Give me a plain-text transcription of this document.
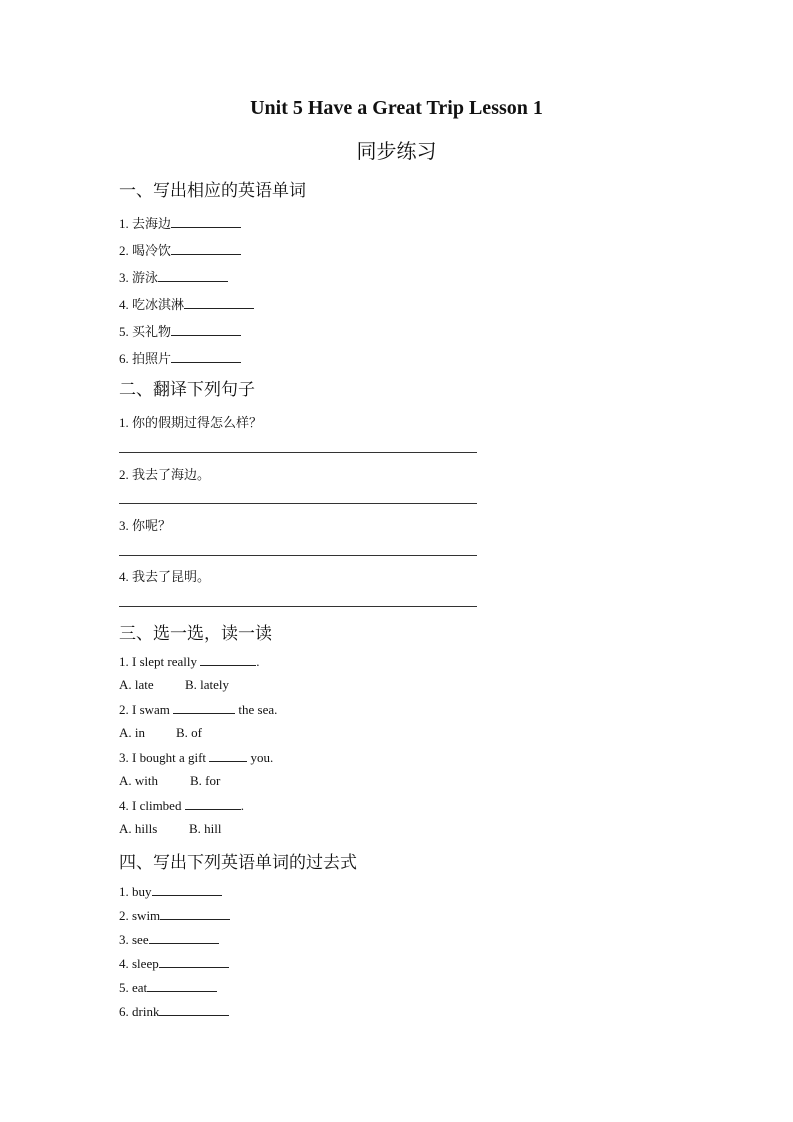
Unit 5 Have a Great Trip Lesson 1
同步练习
一、写出相应的英语单词
1. 去海边
2. 喝冷饮
3. 游泳
4. 吃冰淇淋
5. 买礼物
6. 拍照片
二、翻译下列句子
1. 你的假期过得怎么样？
2. 我去了海边。
3. 你呢？
4. 我去了昆明。
三、选一选，读一读
1. I slept really	.
A. late B. lately
2. I swam	the sea.
A. in B. of
3. I bought a gift	you.
A. with B. for
4. I climbed	.
A. hills B. hill
四、写出下列英语单词的过去式
1. buy
2. swim
3. see
4. sleep
5. eat
6. drink
